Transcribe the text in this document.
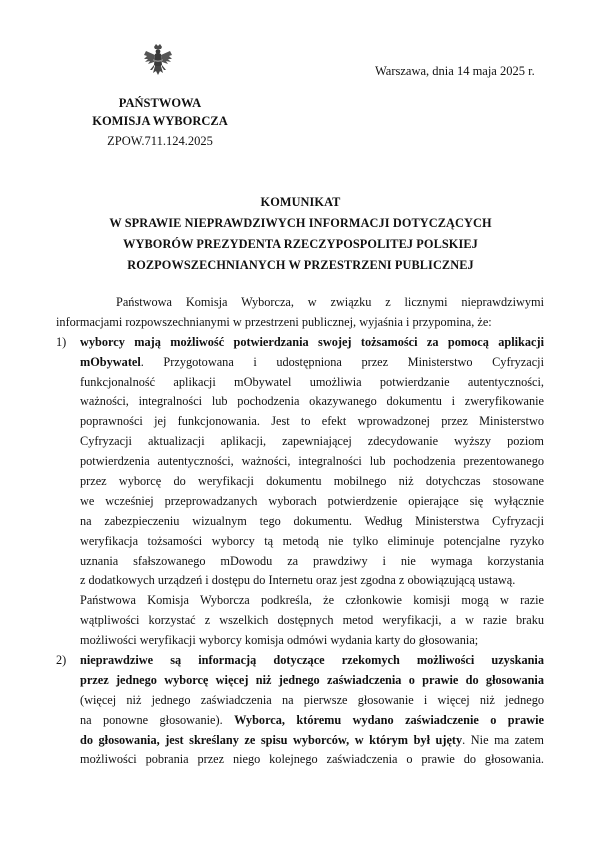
Warszawa, dnia 14 maja 2025 r.
PAŃSTWOWA
KOMISJA WYBORCZA
ZPOW.711.124.2025
KOMUNIKAT
W SPRAWIE NIEPRAWDZIWYCH INFORMACJI DOTYCZĄCYCH
WYBORÓW PREZYDENTA RZECZYPOSPOLITEJ POLSKIEJ
ROZPOWSZECHNIANYCH W PRZESTRZENI PUBLICZNEJ
Państwowa Komisja Wyborcza, w związku z licznymi nieprawdziwymi
informacjami rozpowszechnianymi w przestrzeni publicznej, wyjaśnia i przypomina, że:
1)	wyborcy mają możliwość potwierdzania swojej tożsamości za pomocą aplikacji
mObywatel. Przygotowana i udostępniona przez Ministerstwo Cyfryzacji
funkcjonalność aplikacji mObywatel umożliwia potwierdzanie autentyczności,
ważności, integralności lub pochodzenia okazywanego dokumentu i zweryfikowanie
poprawności jej funkcjonowania. Jest to efekt wprowadzonej przez Ministerstwo
Cyfryzacji aktualizacji aplikacji, zapewniającej zdecydowanie wyższy poziom
potwierdzenia autentyczności, ważności, integralności lub pochodzenia prezentowanego
przez wyborcę do weryfikacji dokumentu mobilnego niż dotychczas stosowane
we wcześniej przeprowadzanych wyborach potwierdzenie opierające się wyłącznie
na zabezpieczeniu wizualnym tego dokumentu. Według Ministerstwa Cyfryzacji
weryfikacja tożsamości wyborcy tą metodą nie tylko eliminuje potencjalne ryzyko
uznania sfałszowanego mDowodu za prawdziwy i nie wymaga korzystania
z dodatkowych urządzeń i dostępu do Internetu oraz jest zgodna z obowiązującą ustawą.
Państwowa Komisja Wyborcza podkreśla, że członkowie komisji mogą w razie
wątpliwości korzystać z wszelkich dostępnych metod weryfikacji, a w razie braku
możliwości weryfikacji wyborcy komisja odmówi wydania karty do głosowania;
2)	nieprawdziwe są informacją dotyczące rzekomych możliwości uzyskania
przez jednego wyborcę więcej niż jednego zaświadczenia o prawie do głosowania
(więcej niż jednego zaświadczenia na pierwsze głosowanie i więcej niż jednego
na ponowne głosowanie). Wyborca, któremu wydano zaświadczenie o prawie
do głosowania, jest skreślany ze spisu wyborców, w którym był ujęty. Nie ma zatem
możliwości pobrania przez niego kolejnego zaświadczenia o prawie do głosowania.
